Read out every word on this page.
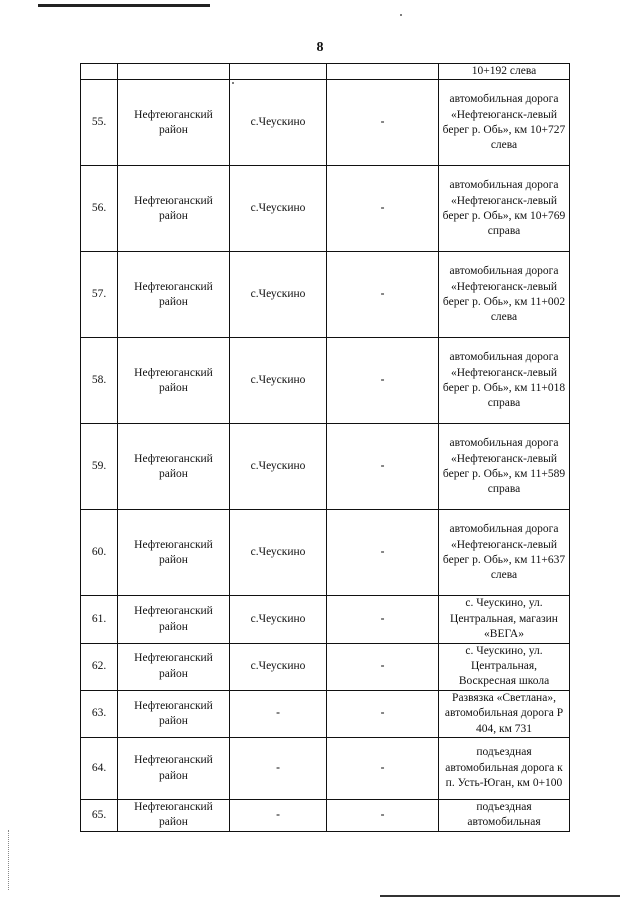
8
				10+192 слева
55.	Нефтеюганский район	с.Чеускино	-	автомобильная дорога «Нефтеюганск-левый берег р. Обь», км 10+727 слева
56.	Нефтеюганский район	с.Чеускино	-	автомобильная дорога «Нефтеюганск-левый берег р. Обь», км 10+769 справа
57.	Нефтеюганский район	с.Чеускино	-	автомобильная дорога «Нефтеюганск-левый берег р. Обь», км 11+002 слева
58.	Нефтеюганский район	с.Чеускино	-	автомобильная дорога «Нефтеюганск-левый берег р. Обь», км 11+018 справа
59.	Нефтеюганский район	с.Чеускино	-	автомобильная дорога «Нефтеюганск-левый берег р. Обь», км 11+589 справа
60.	Нефтеюганский район	с.Чеускино	-	автомобильная дорога «Нефтеюганск-левый берег р. Обь», км 11+637 слева
61.	Нефтеюганский район	с.Чеускино	-	с. Чеускино, ул. Центральная, магазин «ВЕГА»
62.	Нефтеюганский район	с.Чеускино	-	с. Чеускино, ул. Центральная, Воскресная школа
63.	Нефтеюганский район	-	-	Развязка «Светлана», автомобильная дорога Р 404, км 731
64.	Нефтеюганский район	-	-	подъездная автомобильная дорога к п. Усть-Юган, км 0+100
65.	Нефтеюганский район	-	-	подъездная автомобильная
